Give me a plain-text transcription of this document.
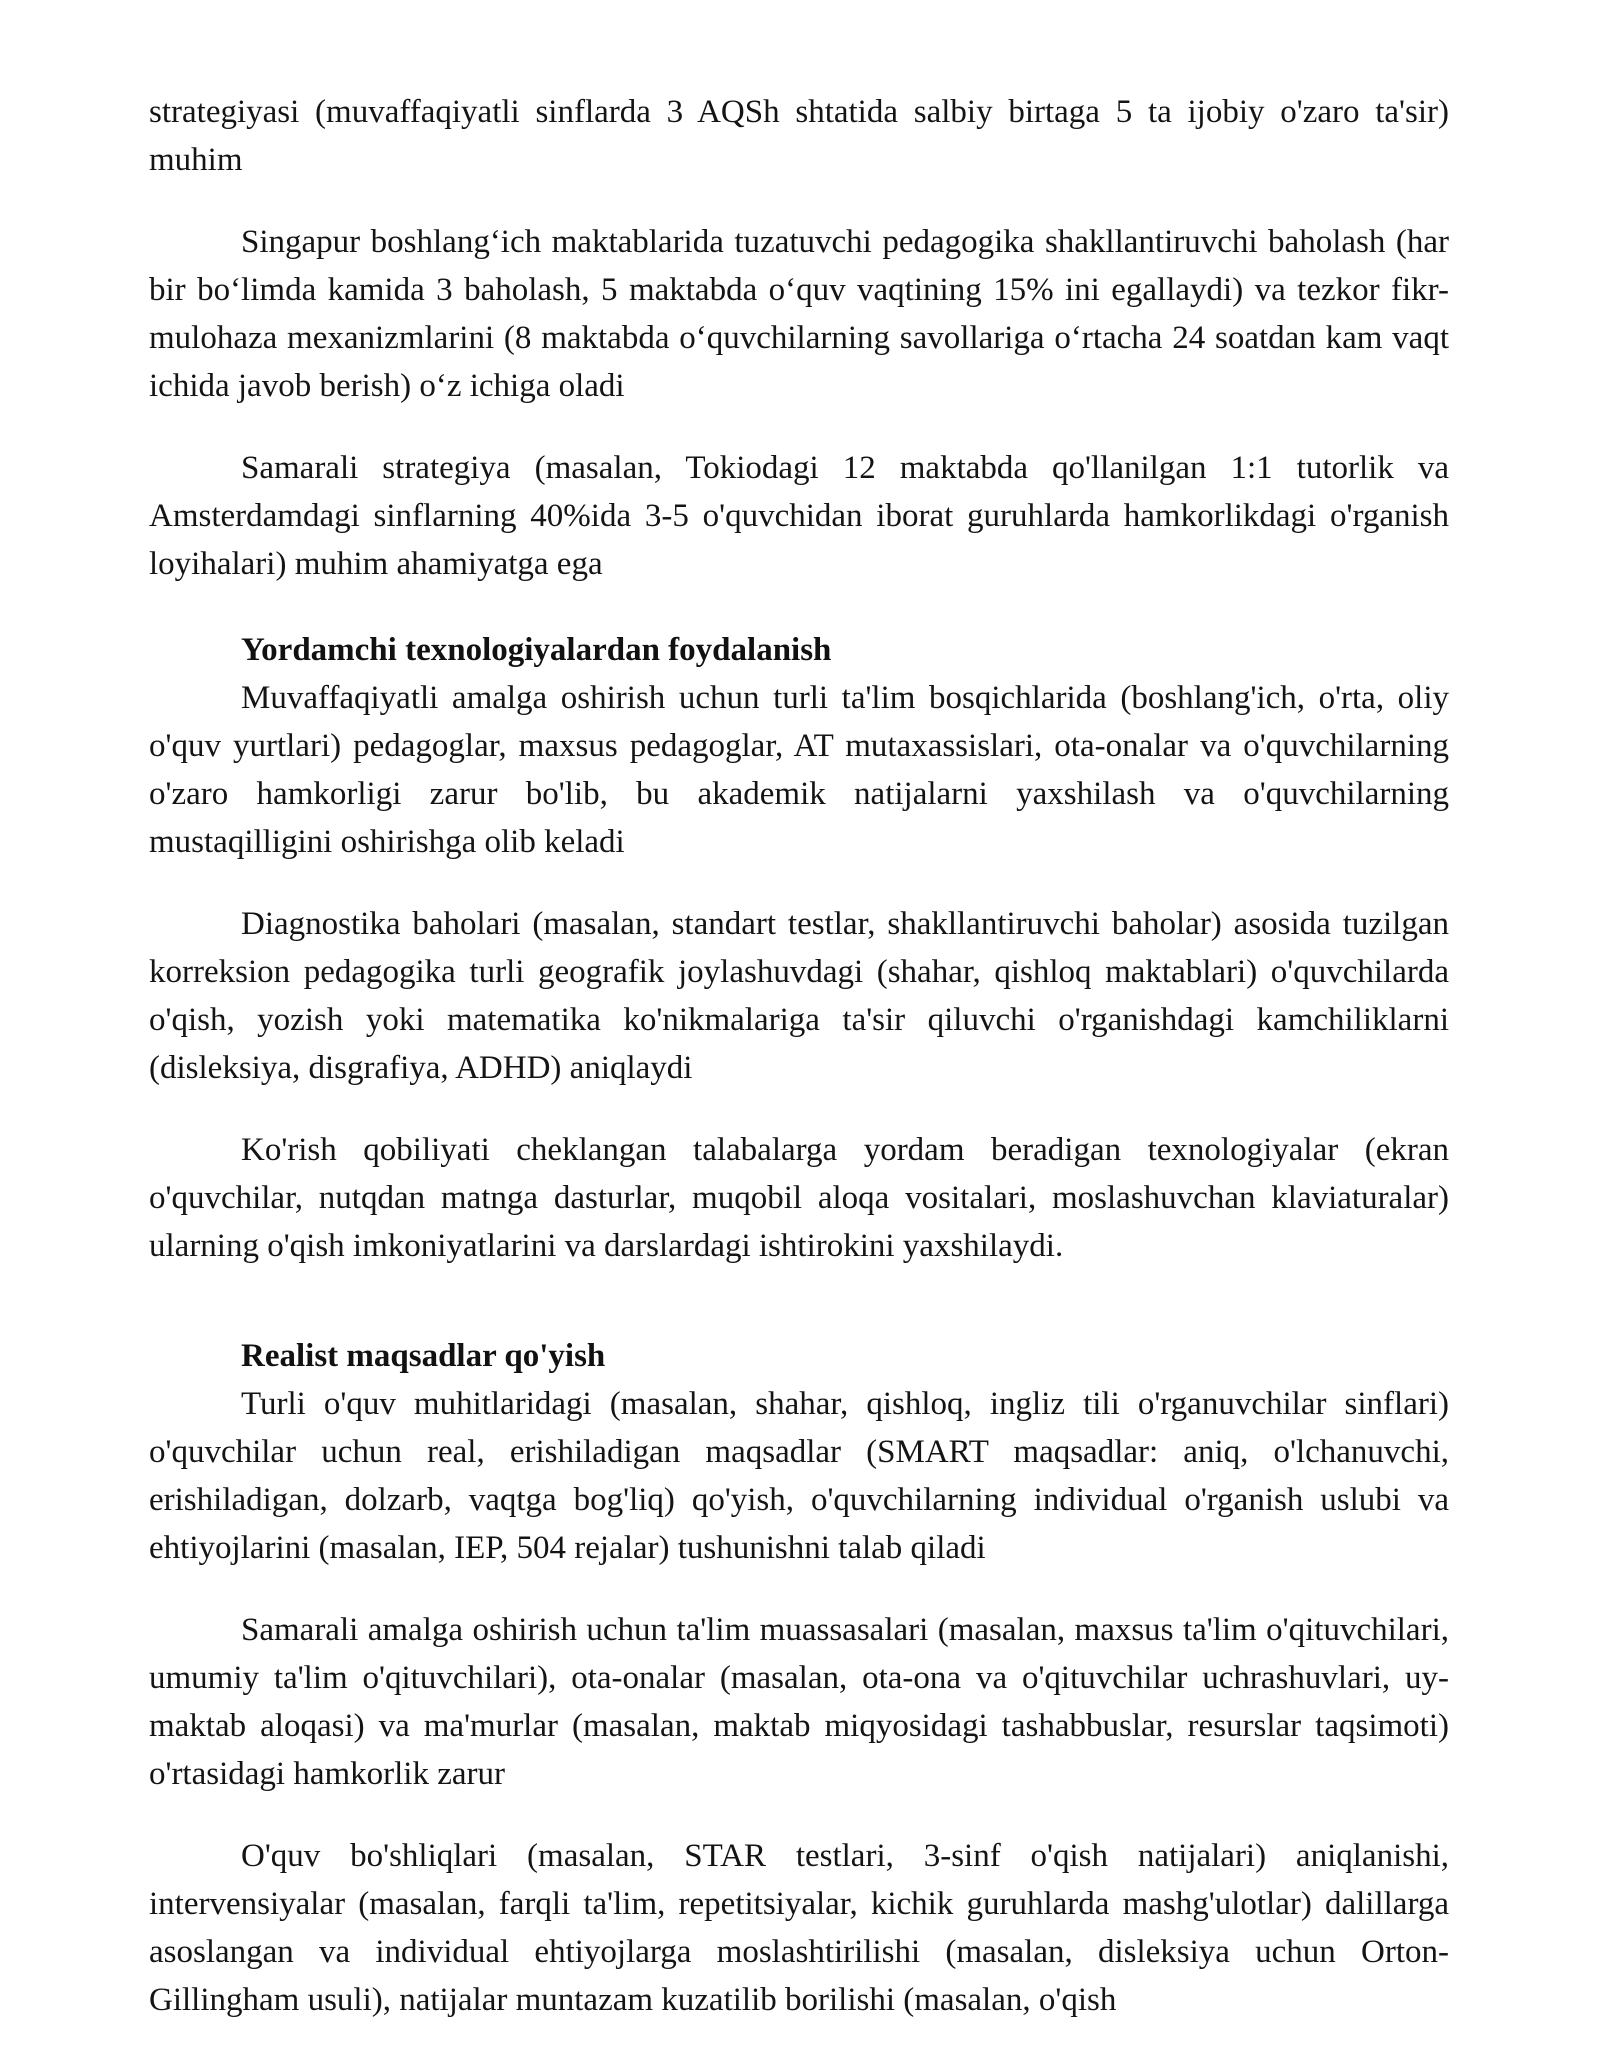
strategiyasi (muvaffaqiyatli sinflarda 3 AQSh shtatida salbiy birtaga 5 ta ijobiy o'zaro ta'sir) muhim

Singapur boshlangʻich maktablarida tuzatuvchi pedagogika shakllantiruvchi baholash (har bir boʻlimda kamida 3 baholash, 5 maktabda oʻquv vaqtining 15% ini egallaydi) va tezkor fikr-mulohaza mexanizmlarini (8 maktabda oʻquvchilarning savollariga oʻrtacha 24 soatdan kam vaqt ichida javob berish) oʻz ichiga oladi

Samarali strategiya (masalan, Tokiodagi 12 maktabda qo'llanilgan 1:1 tutorlik va Amsterdamdagi sinflarning 40%ida 3-5 o'quvchidan iborat guruhlarda hamkorlikdagi o'rganish loyihalari) muhim ahamiyatga ega

Yordamchi texnologiyalardan foydalanish

Muvaffaqiyatli amalga oshirish uchun turli ta'lim bosqichlarida (boshlang'ich, o'rta, oliy o'quv yurtlari) pedagoglar, maxsus pedagoglar, AT mutaxassislari, ota-onalar va o'quvchilarning o'zaro hamkorligi zarur bo'lib, bu akademik natijalarni yaxshilash va o'quvchilarning mustaqilligini oshirishga olib keladi

Diagnostika baholari (masalan, standart testlar, shakllantiruvchi baholar) asosida tuzilgan korreksion pedagogika turli geografik joylashuvdagi (shahar, qishloq maktablari) o'quvchilarda o'qish, yozish yoki matematika ko'nikmalariga ta'sir qiluvchi o'rganishdagi kamchiliklarni (disleksiya, disgrafiya, ADHD) aniqlaydi

Ko'rish qobiliyati cheklangan talabalarga yordam beradigan texnologiyalar (ekran o'quvchilar, nutqdan matnga dasturlar, muqobil aloqa vositalari, moslashuvchan klaviaturalar) ularning o'qish imkoniyatlarini va darslardagi ishtirokini yaxshilaydi.

Realist maqsadlar qo'yish

Turli o'quv muhitlaridagi (masalan, shahar, qishloq, ingliz tili o'rganuvchilar sinflari) o'quvchilar uchun real, erishiladigan maqsadlar (SMART maqsadlar: aniq, o'lchanuvchi, erishiladigan, dolzarb, vaqtga bog'liq) qo'yish, o'quvchilarning individual o'rganish uslubi va ehtiyojlarini (masalan, IEP, 504 rejalar) tushunishni talab qiladi

Samarali amalga oshirish uchun ta'lim muassasalari (masalan, maxsus ta'lim o'qituvchilari, umumiy ta'lim o'qituvchilari), ota-onalar (masalan, ota-ona va o'qituvchilar uchrashuvlari, uy-maktab aloqasi) va ma'murlar (masalan, maktab miqyosidagi tashabbuslar, resurslar taqsimoti) o'rtasidagi hamkorlik zarur

O'quv bo'shliqlari (masalan, STAR testlari, 3-sinf o'qish natijalari) aniqlanishi, intervensiyalar (masalan, farqli ta'lim, repetitsiyalar, kichik guruhlarda mashg'ulotlar) dalillarga asoslangan va individual ehtiyojlarga moslashtirilishi (masalan, disleksiya uchun Orton-Gillingham usuli), natijalar muntazam kuzatilib borilishi (masalan, o'qish
